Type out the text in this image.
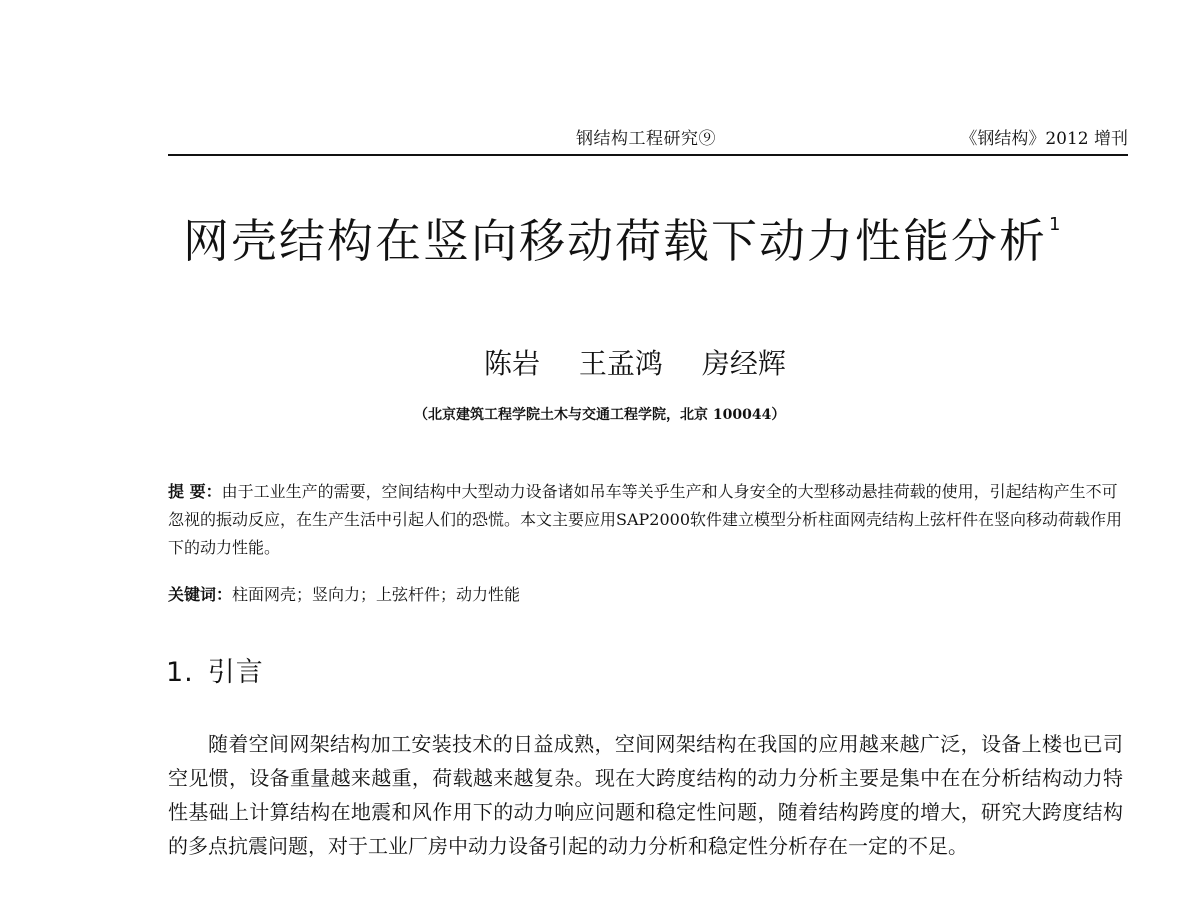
钢结构工程研究⑨	《钢结构》2012 增刊
网壳结构在竖向移动荷载下动力性能分析 $^1$
陈岩 王孟鸿 房经辉
（北京建筑工程学院土木与交通工程学院，北京 100044）
提 要：由于工业生产的需要，空间结构中大型动力设备诸如吊车等关乎生产和人身安全的大型移动悬挂荷载的使用，引起结构产生不可忽视的振动反应，在生产生活中引起人们的恐慌。本文主要应用SAP2000软件建立模型分析柱面网壳结构上弦杆件在竖向移动荷载作用下的动力性能。
关键词：柱面网壳；竖向力；上弦杆件；动力性能
1. 引言
随着空间网架结构加工安装技术的日益成熟，空间网架结构在我国的应用越来越广泛，设备上楼也已司空见惯，设备重量越来越重，荷载越来越复杂。现在大跨度结构的动力分析主要是集中在在分析结构动力特性基础上计算结构在地震和风作用下的动力响应问题和稳定性问题，随着结构跨度的增大，研究大跨度结构的多点抗震问题，对于工业厂房中动力设备引起的动力分析和稳定性分析存在一定的不足。
